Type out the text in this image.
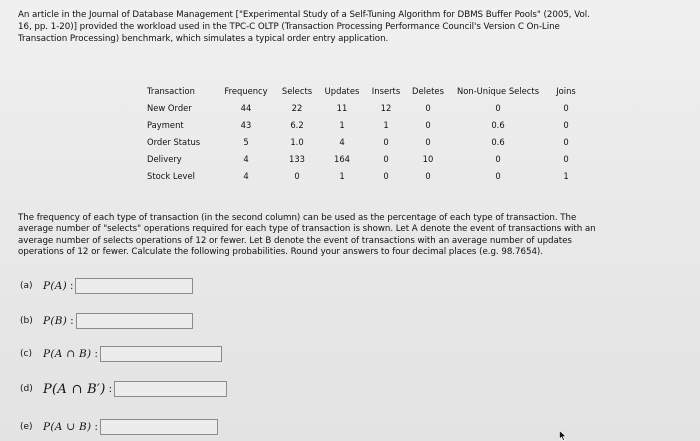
An article in the Journal of Database Management ["Experimental Study of a Self-Tuning Algorithm for DBMS Buffer Pools" (2005, Vol.

16, pp. 1-20)] provided the workload used in the TPC-C OLTP (Transaction Processing Performance Council's Version C On-Line

Transaction Processing) benchmark, which simulates a typical order entry application.

Transaction	Frequency	Selects	Updates	Inserts	Deletes	Non-Unique Selects	Joins
New Order	44	22	11	12	0	0	0
Payment	43	6.2	1	1	0	0.6	0
Order Status	5	1.0	4	0	0	0.6	0
Delivery	4	133	164	0	10	0	0
Stock Level	4	0	1	0	0	0	1

The frequency of each type of transaction (in the second column) can be used as the percentage of each type of transaction. The

average number of "selects" operations required for each type of transaction is shown. Let A denote the event of transactions with an

average number of selects operations of 12 or fewer. Let B denote the event of transactions with an average number of updates

operations of 12 or fewer. Calculate the following probabilities. Round your answers to four decimal places (e.g. 98.7654).

(a) P(A) :
(b) P(B) :
(c)	P(A ∩ B) :
(d) P(A ∩ B′) :
(e) P(A ∪ B) :
